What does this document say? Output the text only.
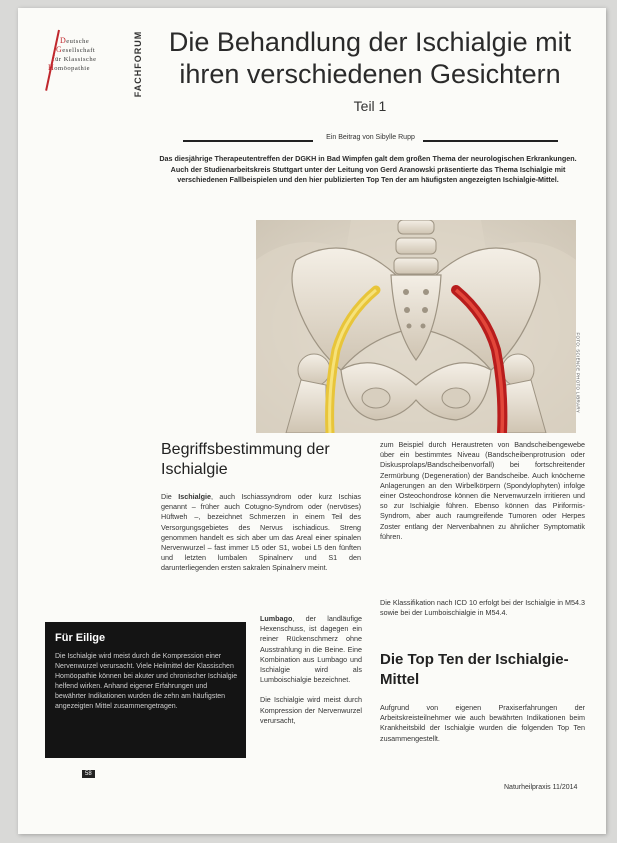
Deutsche
Gesellschaft
für Klassische
Homöopathie	FACHFORUM Die Behandlung der Ischialgie mit
ihren verschiedenen Gesichtern
Teil 1
Ein Beitrag von Sibylle Rupp
Das diesjährige Therapeutentreffen der DGKH in Bad Wimpfen galt dem großen Thema der neurologischen Erkrankungen. Auch der Studienarbeitskreis Stuttgart unter der Leitung von Gerd Aranowski präsentierte das Thema Ischialgie mit verschiedenen Fallbeispielen und den hier publizierten Top Ten der am häufigsten angezeigten Ischialgie-Mittel.
FOTO: SCIENCE PHOTO LIBRARY
Begriffsbestimmung der Ischialgie
Die Ischialgie, auch Ischiassyndrom oder kurz Ischias genannt – früher auch Cotugno-Syndrom oder (nervöses) Hüftweh –, bezeichnet Schmerzen in einem Teil des Versorgungsgebietes des Nervus ischiadicus. Streng genommen handelt es sich aber um das Areal einer spinalen Nervenwurzel – fast immer L5 oder S1, wobei L5 den fünften und letzten lumbalen Spinalnerv und S1 den darunterliegenden ersten sakralen Spinalnerv meint.
Lumbago, der landläufige Hexenschuss, ist dagegen ein reiner Rückenschmerz ohne Ausstrahlung in die Beine. Eine Kombination aus Lumbago und Ischialgie wird als Lumboischialgie bezeichnet.
Die Ischialgie wird meist durch Kompression der Nervenwurzel verursacht,
zum Beispiel durch Heraustreten von Bandscheibengewebe über ein bestimmtes Niveau (Bandscheibenprotrusion oder Diskusprolaps/Bandscheibenvorfall) bei fortschreitender Zermürbung (Degeneration) der Bandscheibe. Auch knöcherne Anlagerungen an den Wirbelkörpern (Spondylophyten) infolge einer Osteochondrose können die Nervenwurzeln irritieren und so zur Ischialgie führen. Ebenso können das Piriformis-Syndrom, aber auch raumgreifende Tumoren oder Herpes Zoster entlang der Nervenbahnen zu ähnlicher Symptomatik führen.
Die Klassifikation nach ICD 10 erfolgt bei der Ischialgie in M54.3 sowie bei der Lumboischialgie in M54.4.
Die Top Ten der Ischialgie-Mittel
Aufgrund von eigenen Praxiserfahrungen der Arbeitskreisteilnehmer wie auch bewährten Indikationen beim Krankheitsbild der Ischialgie wurden die folgenden Top Ten zusammengestellt.
Für Eilige

Die Ischialgie wird meist durch die Kompression einer Nervenwurzel verursacht. Viele Heilmittel der Klassischen Homöopathie können bei akuter und chronischer Ischialgie helfend wirken. Anhand eigener Erfahrungen und bewährter Indikationen wurden die zehn am häufigsten angezeigten Mittel zusammengetragen.

58
Naturheilpraxis 11/2014
